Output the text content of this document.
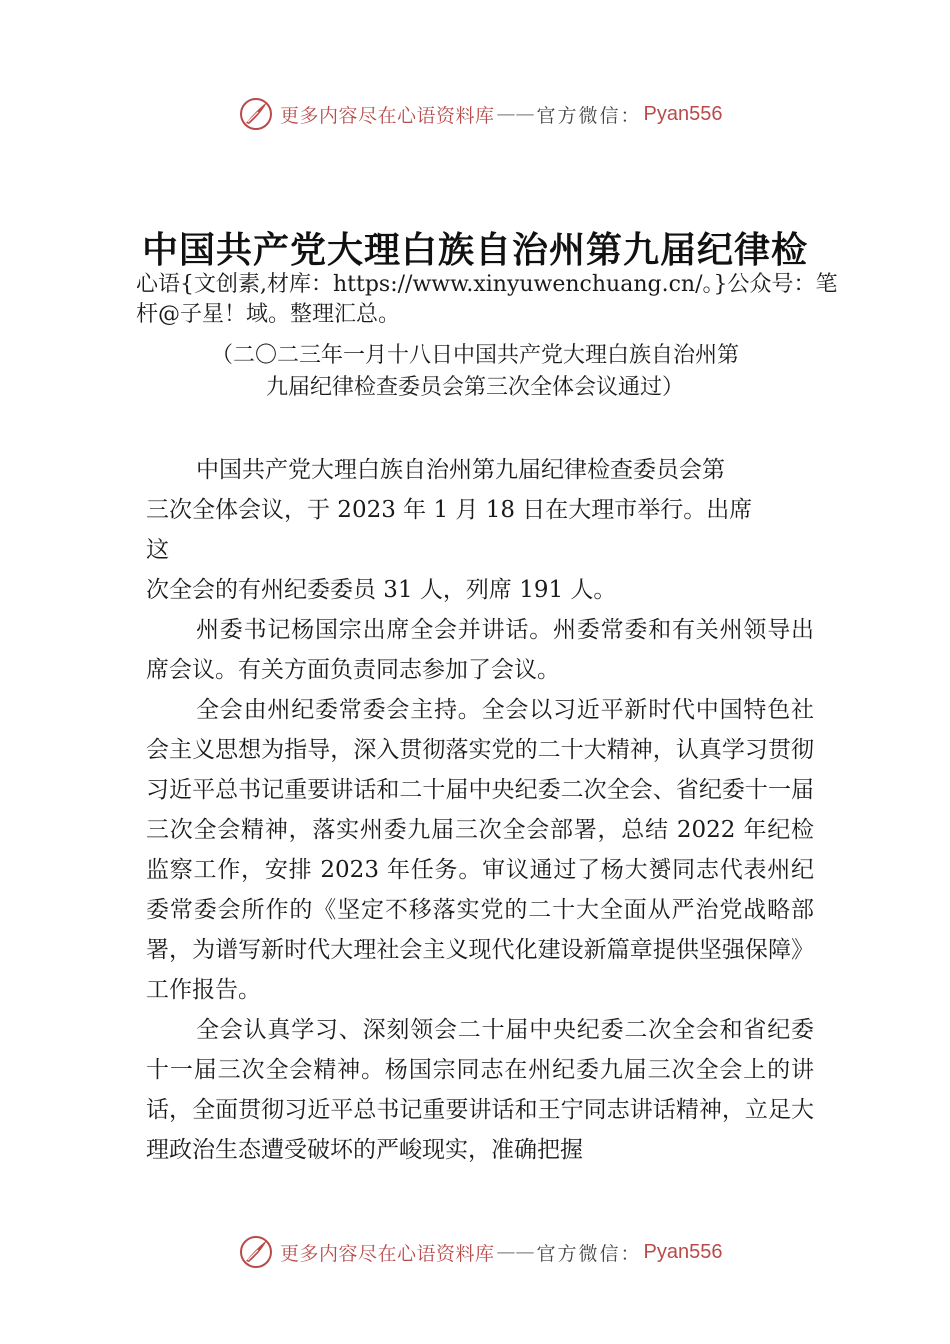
更多内容尽在心语资料库 —— 官方微信： Pyan556
中国共产党大理白族自治州第九届纪律检
心语{文创素,材库：https://www.xinyuwenchuang.cn/。}公众号：笔杆@子星！域。整理汇总。
（二〇二三年一月十八日中国共产党大理白族自治州第
九届纪律检查委员会第三次全体会议通过）

中国共产党大理白族自治州第九届纪律检查委员会第

三次全体会议，于 2023 年 1 月 18 日在大理市举行。出席

这

次全会的有州纪委委员 31 人，列席 191 人。

州委书记杨国宗出席全会并讲话。州委常委和有关州领导出席会议。有关方面负责同志参加了会议。

全会由州纪委常委会主持。全会以习近平新时代中国特色社会主义思想为指导，深入贯彻落实党的二十大精神，认真学习贯彻习近平总书记重要讲话和二十届中央纪委二次全会、省纪委十一届三次全会精神，落实州委九届三次全会部署，总结 2022 年纪检监察工作，安排 2023 年任务。审议通过了杨大赟同志代表州纪委常委会所作的《坚定不移落实党的二十大全面从严治党战略部署，为谱写新时代大理社会主义现代化建设新篇章提供坚强保障》工作报告。

全会认真学习、深刻领会二十届中央纪委二次全会和省纪委十一届三次全会精神。杨国宗同志在州纪委九届三次全会上的讲话，全面贯彻习近平总书记重要讲话和王宁同志讲话精神，立足大理政治生态遭受破坏的严峻现实，准确把握

更多内容尽在心语资料库 —— 官方微信： Pyan556
